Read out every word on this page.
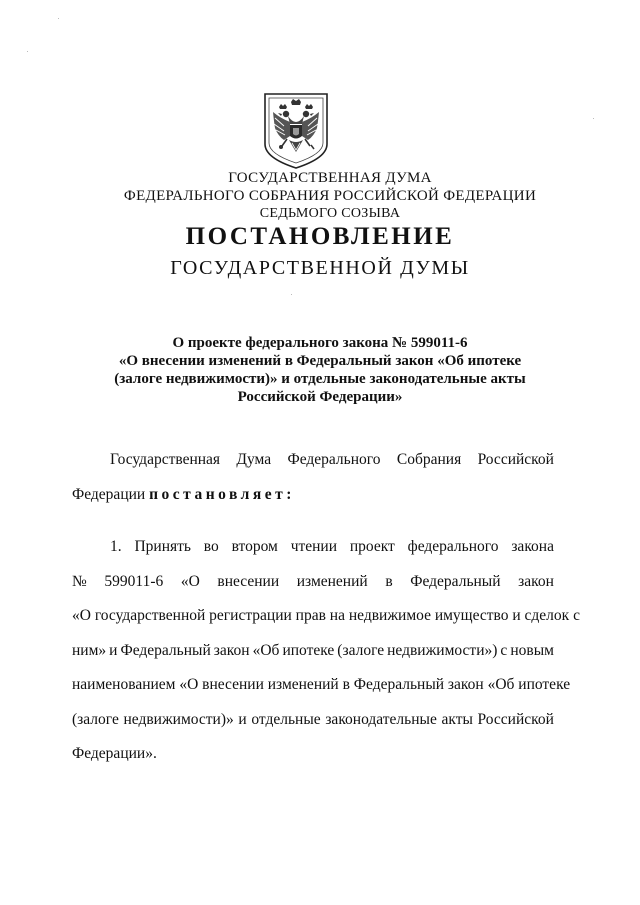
ГОСУДАРСТВЕННАЯ ДУМА
ФЕДЕРАЛЬНОГО СОБРАНИЯ РОССИЙСКОЙ ФЕДЕРАЦИИ
СЕДЬМОГО СОЗЫВА
ПОСТАНОВЛЕНИЕ
ГОСУДАРСТВЕННОЙ ДУМЫ
О проекте федерального закона № 599011-6
«О внесении изменений в Федеральный закон «Об ипотеке
(залоге недвижимости)» и отдельные законодательные акты
Российской Федерации»
Государственная Дума Федерального Собрания Российской
Федерации постановляет:
1. Принять во втором чтении проект федерального закона
№ 599011-6 «О внесении изменений в Федеральный закон
«О государственной регистрации прав на недвижимое имущество и сделок с
ним» и Федеральный закон «Об ипотеке (залоге недвижимости») с новым
наименованием «О внесении изменений в Федеральный закон «Об ипотеке
(залоге недвижимости)» и отдельные законодательные акты Российской
Федерации».
